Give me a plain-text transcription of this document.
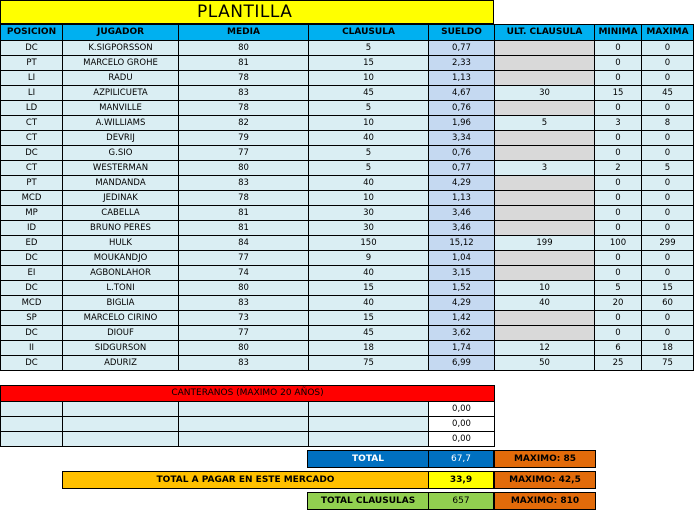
PLANTILLA
POSICION	JUGADOR	MEDIA	CLAUSULA	SUELDO	ULT. CLAUSULA	MINIMA	MAXIMA
DC	K.SIGPORSSON	80	5	0,77		0	0
PT	MARCELO GROHE	81	15	2,33		0	0
LI	RADU	78	10	1,13		0	0
LI	AZPILICUETA	83	45	4,67	30	15	45
LD	MANVILLE	78	5	0,76		0	0
CT	A.WILLIAMS	82	10	1,96	5	3	8
CT	DEVRIJ	79	40	3,34		0	0
DC	G.SIO	77	5	0,76		0	0
CT	WESTERMAN	80	5	0,77	3	2	5
PT	MANDANDA	83	40	4,29		0	0
MCD	JEDINAK	78	10	1,13		0	0
MP	CABELLA	81	30	3,46		0	0
ID	BRUNO PERES	81	30	3,46		0	0
ED	HULK	84	150	15,12	199	100	299
DC	MOUKANDJO	77	9	1,04		0	0
EI	AGBONLAHOR	74	40	3,15		0	0
DC	L.TONI	80	15	1,52	10	5	15
MCD	BIGLIA	83	40	4,29	40	20	60
SP	MARCELO CIRINO	73	15	1,42		0	0
DC	DIOUF	77	45	3,62		0	0
II	SIDGURSON	80	18	1,74	12	6	18
DC	ADURIZ	83	75	6,99	50	25	75
CANTERANOS (MAXIMO 20 AÑOS)				
				0,00
				0,00
				0,00
TOTAL	67,7	MAXIMO: 85
TOTAL A PAGAR EN ESTE MERCADO	33,9	MAXIMO: 42,5
TOTAL CLAUSULAS	657	MAXIMO: 810
